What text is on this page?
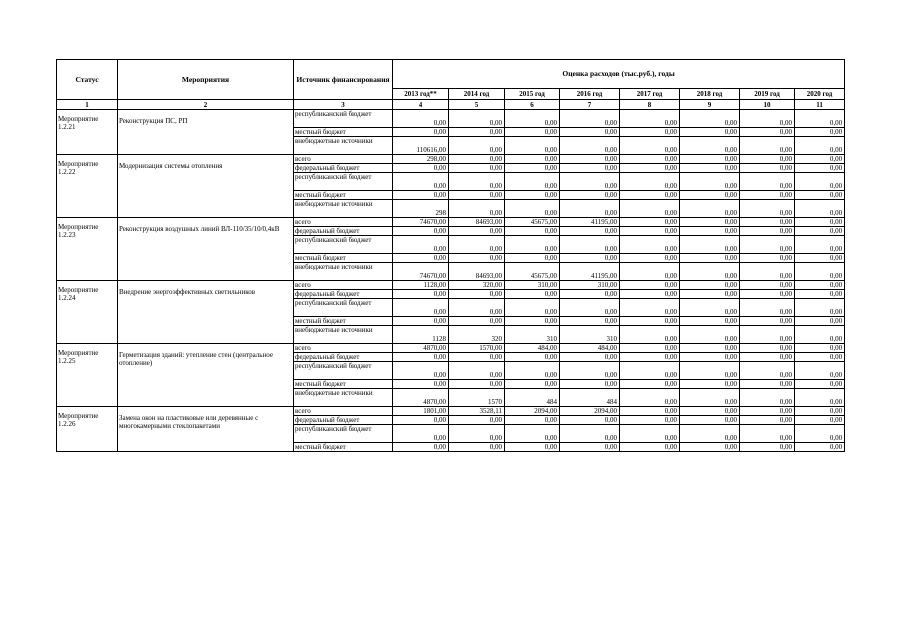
Статус	Мероприятия	Источник финансирования	Оценка расходов (тыс.руб.), годы							
			2013 год**	2014 год	2015 год	2016 год	2017 год	2018 год	2019 год	2020 год
1	2	3	4	5	6	7	8	9	10	11
Мероприятие 1.2.21	Реконструкция ПС, РП	республиканский бюджет	0,00	0,00	0,00	0,00	0,00	0,00	0,00	0,00
		местный бюджет	0,00	0,00	0,00	0,00	0,00	0,00	0,00	0,00
		внебюджетные источники	110616,00	0,00	0,00	0,00	0,00	0,00	0,00	0,00
Мероприятие 1.2.22	Модернизация системы отопления	всего	298,00	0,00	0,00	0,00	0,00	0,00	0,00	0,00
		федеральный бюджет	0,00	0,00	0,00	0,00	0,00	0,00	0,00	0,00
		республиканский бюджет	0,00	0,00	0,00	0,00	0,00	0,00	0,00	0,00
		местный бюджет	0,00	0,00	0,00	0,00	0,00	0,00	0,00	0,00
		внебюджетные источники	298	0,00	0,00	0,00	0,00	0,00	0,00	0,00
Мероприятие 1.2.23	Реконструкция воздушных линий ВЛ-110/35/10/0,4кВ	всего	74670,00	84693,00	45675,00	41195,00	0,00	0,00	0,00	0,00
		федеральный бюджет	0,00	0,00	0,00	0,00	0,00	0,00	0,00	0,00
		республиканский бюджет	0,00	0,00	0,00	0,00	0,00	0,00	0,00	0,00
		местный бюджет	0,00	0,00	0,00	0,00	0,00	0,00	0,00	0,00
		внебюджетные источники	74670,00	84693,00	45675,00	41195,00	0,00	0,00	0,00	0,00
Мероприятие 1.2.24	Внедрение энергоэффективных светильников	всего	1128,00	320,00	310,00	310,00	0,00	0,00	0,00	0,00
		федеральный бюджет	0,00	0,00	0,00	0,00	0,00	0,00	0,00	0,00
		республиканский бюджет	0,00	0,00	0,00	0,00	0,00	0,00	0,00	0,00
		местный бюджет	0,00	0,00	0,00	0,00	0,00	0,00	0,00	0,00
		внебюджетные источники	1128	320	310	310	0,00	0,00	0,00	0,00
Мероприятие 1.2.25	Герметизация зданий: утепление стен (центральное отопление)	всего	4870,00	1570,00	484,00	484,00	0,00	0,00	0,00	0,00
		федеральный бюджет	0,00	0,00	0,00	0,00	0,00	0,00	0,00	0,00
		республиканский бюджет	0,00	0,00	0,00	0,00	0,00	0,00	0,00	0,00
		местный бюджет	0,00	0,00	0,00	0,00	0,00	0,00	0,00	0,00
		внебюджетные источники	4870,00	1570	484	484	0,00	0,00	0,00	0,00
Мероприятие 1.2.26	Замена окон на пластиковые или деревянные с многокамерными стеклопакетами	всего	1801,00	3528,11	2094,00	2094,00	0,00	0,00	0,00	0,00
		федеральный бюджет	0,00	0,00	0,00	0,00	0,00	0,00	0,00	0,00
		республиканский бюджет	0,00	0,00	0,00	0,00	0,00	0,00	0,00	0,00
		местный бюджет	0,00	0,00	0,00	0,00	0,00	0,00	0,00	0,00
